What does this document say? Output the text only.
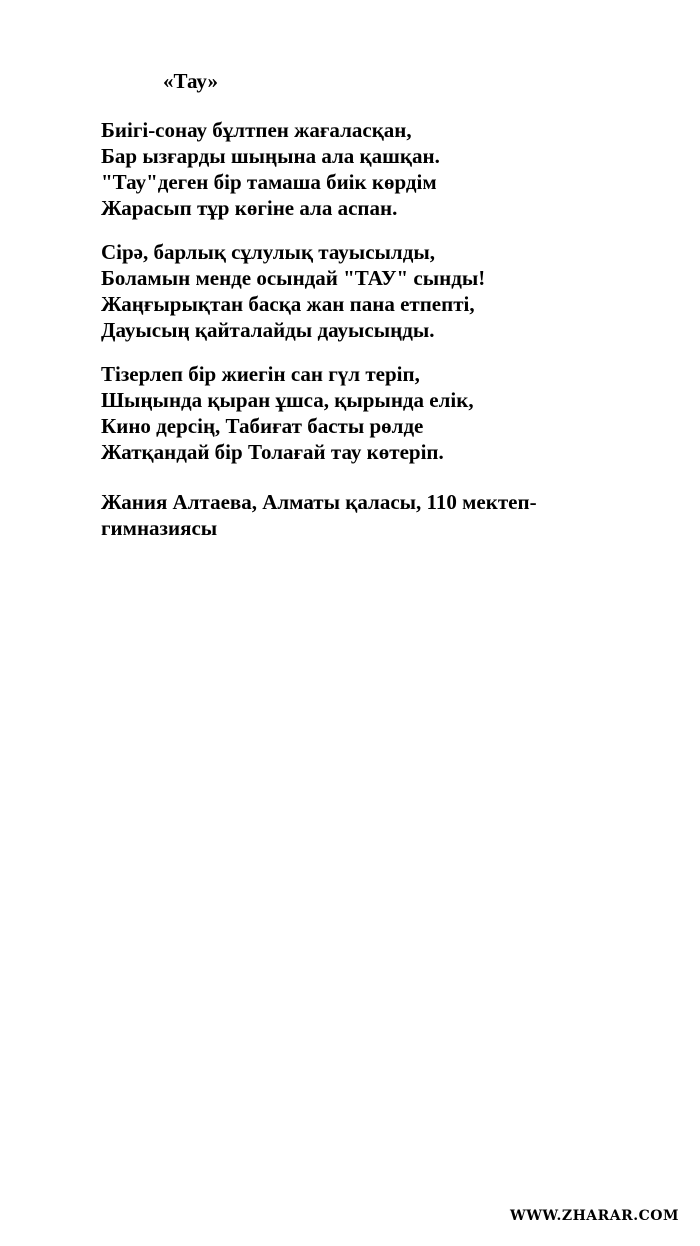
«Тау»
Биігі-сонау бұлтпен жағаласқан,
Бар ызғарды шыңына ала қашқан.
"Тау"деген бір тамаша биік көрдім
Жарасып тұр көгіне ала аспан.
Сірә, барлық сұлулық тауысылды,
Боламын менде осындай "ТАУ" сынды!
Жаңғырықтан басқа жан пана етпепті,
Дауысың қайталайды дауысыңды.
Тізерлеп бір жиегін сан гүл теріп,
Шыңында қыран ұшса, қырында елік,
Кино дерсің, Табиғат басты рөлде
Жатқандай бір Толағай тау көтеріп.
Жания Алтаева, Алматы қаласы, 110 мектеп-гимназиясы
WWW.ZHARAR.COM
